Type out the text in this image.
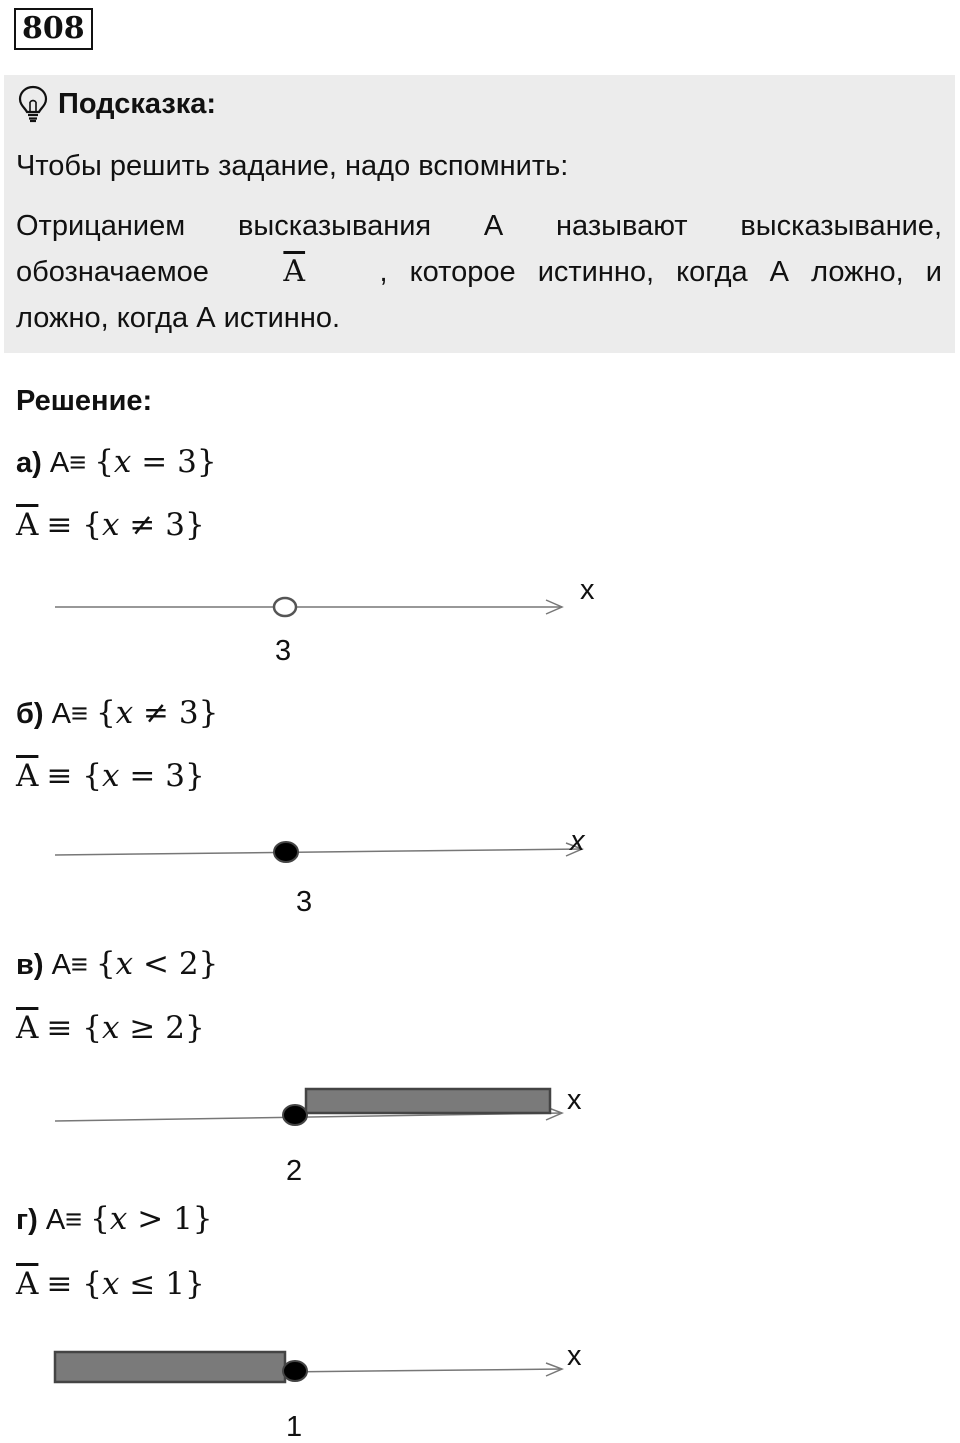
808
Подсказка:
Чтобы решить задание, надо вспомнить:
Отрицанием высказывания А называют высказывание,
обозначаемое $\overline{A}$	, которое истинно, когда А ложно, и
ложно, когда А истинно.
Решение:
а) A≡ {x = 3}
$\overline{A} \equiv \{x \ne 3\}$
x
3
б) A≡ {x ≠ 3}
$\overline{A} \equiv \{x = 3\}$
x
3
в) A≡ {x < 2}
$\overline{A} \equiv \{x \ge 2\}$
x
2
г) A≡ {x > 1}
$\overline{A} \equiv \{x \le 1\}$
x
1
